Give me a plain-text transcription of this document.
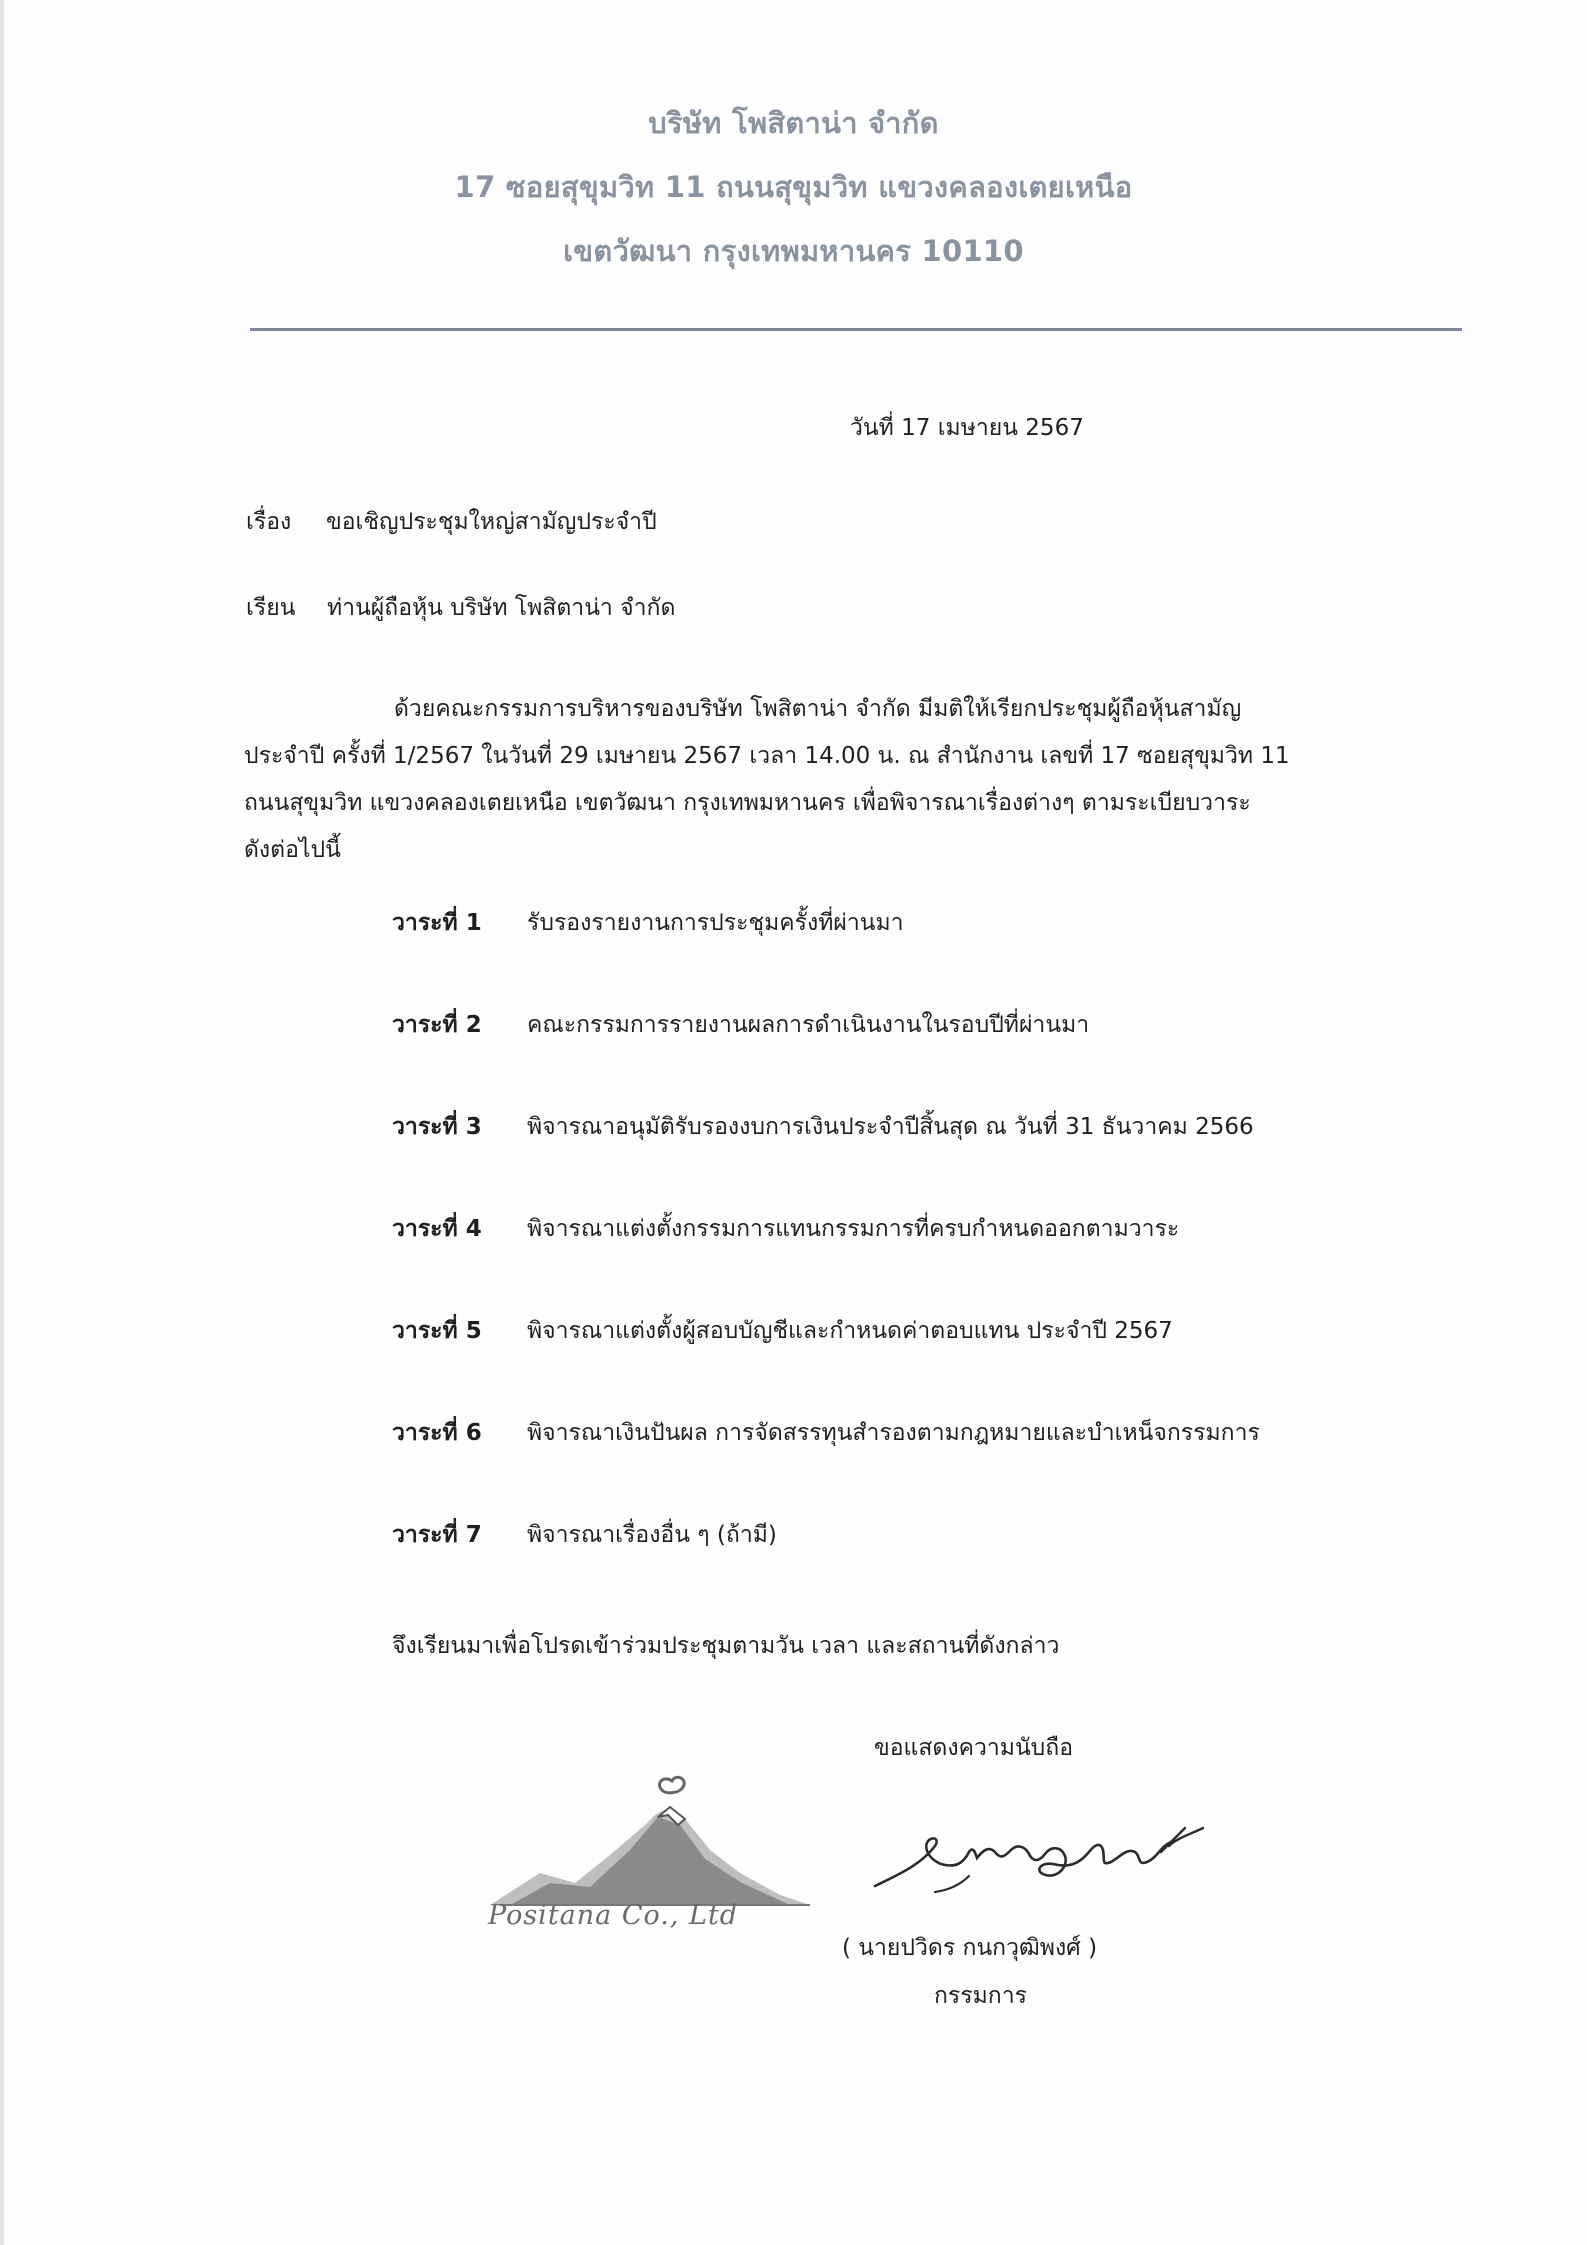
บริษัท โพสิตาน่า จำกัด
17 ซอยสุขุมวิท 11 ถนนสุขุมวิท แขวงคลองเตยเหนือ
เขตวัฒนา กรุงเทพมหานคร 10110
วันที่ 17 เมษายน 2567
เรื่อง ขอเชิญประชุมใหญ่สามัญประจำปี
เรียน ท่านผู้ถือหุ้น บริษัท โพสิตาน่า จำกัด
ด้วยคณะกรรมการบริหารของบริษัท โพสิตาน่า จำกัด มีมติให้เรียกประชุมผู้ถือหุ้นสามัญ
ประจำปี ครั้งที่ 1/2567 ในวันที่ 29 เมษายน 2567 เวลา 14.00 น. ณ สำนักงาน เลขที่ 17 ซอยสุขุมวิท 11
ถนนสุขุมวิท แขวงคลองเตยเหนือ เขตวัฒนา กรุงเทพมหานคร เพื่อพิจารณาเรื่องต่างๆ ตามระเบียบวาระ
ดังต่อไปนี้
วาระที่ 1 รับรองรายงานการประชุมครั้งที่ผ่านมา
วาระที่ 2 คณะกรรมการรายงานผลการดำเนินงานในรอบปีที่ผ่านมา
วาระที่ 3 พิจารณาอนุมัติรับรองงบการเงินประจำปีสิ้นสุด ณ วันที่ 31 ธันวาคม 2566
วาระที่ 4 พิจารณาแต่งตั้งกรรมการแทนกรรมการที่ครบกำหนดออกตามวาระ
วาระที่ 5 พิจารณาแต่งตั้งผู้สอบบัญชีและกำหนดค่าตอบแทน ประจำปี 2567
วาระที่ 6 พิจารณาเงินปันผล การจัดสรรทุนสำรองตามกฎหมายและบำเหน็จกรรมการ
วาระที่ 7 พิจารณาเรื่องอื่น ๆ (ถ้ามี)
จึงเรียนมาเพื่อโปรดเข้าร่วมประชุมตามวัน เวลา และสถานที่ดังกล่าว
ขอแสดงความนับถือ
Positana Co., Ltd
( นายปวิดร กนกวุฒิพงศ์ )
กรรมการ
